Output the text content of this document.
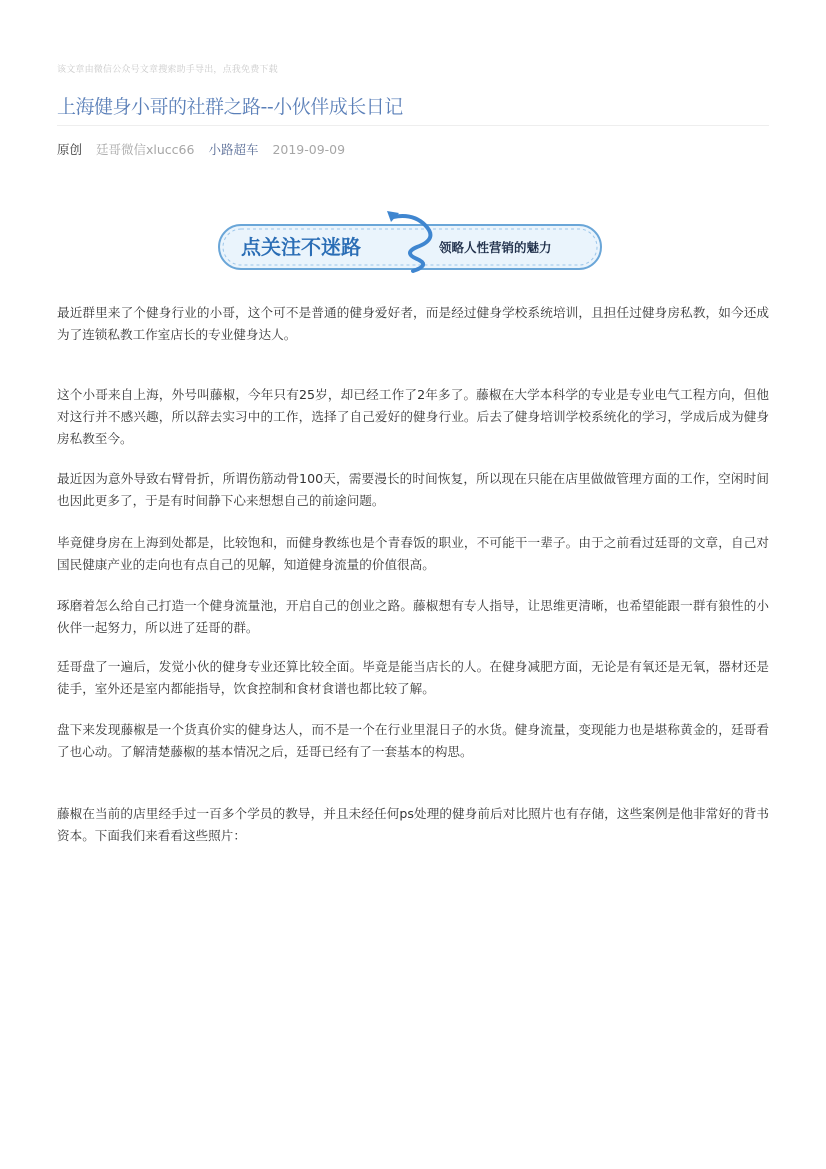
该文章由微信公众号文章搜索助手导出，点我免费下载
上海健身小哥的社群之路--小伙伴成长日记
原创 廷哥微信xlucc66 小路超车 2019-09-09
点关注不迷路	领略人性营销的魅力

最近群里来了个健身行业的小哥，这个可不是普通的健身爱好者，而是经过健身学校系统培训，且担任过健身房私教，如今还成为了连锁私教工作室店长的专业健身达人。

这个小哥来自上海，外号叫藤椒，今年只有25岁，却已经工作了2年多了。藤椒在大学本科学的专业是专业电气工程方向，但他对这行并不感兴趣，所以辞去实习中的工作，选择了自己爱好的健身行业。后去了健身培训学校系统化的学习，学成后成为健身房私教至今。

最近因为意外导致右臂骨折，所谓伤筋动骨100天，需要漫长的时间恢复，所以现在只能在店里做做管理方面的工作，空闲时间也因此更多了，于是有时间静下心来想想自己的前途问题。

毕竟健身房在上海到处都是，比较饱和，而健身教练也是个青春饭的职业，不可能干一辈子。由于之前看过廷哥的文章，自己对国民健康产业的走向也有点自己的见解，知道健身流量的价值很高。

琢磨着怎么给自己打造一个健身流量池，开启自己的创业之路。藤椒想有专人指导，让思维更清晰，也希望能跟一群有狼性的小伙伴一起努力，所以进了廷哥的群。

廷哥盘了一遍后，发觉小伙的健身专业还算比较全面。毕竟是能当店长的人。在健身减肥方面，无论是有氧还是无氧，器材还是徒手，室外还是室内都能指导，饮食控制和食材食谱也都比较了解。

盘下来发现藤椒是一个货真价实的健身达人，而不是一个在行业里混日子的水货。健身流量，变现能力也是堪称黄金的，廷哥看了也心动。了解清楚藤椒的基本情况之后，廷哥已经有了一套基本的构思。

藤椒在当前的店里经手过一百多个学员的教导，并且未经任何ps处理的健身前后对比照片也有存储，这些案例是他非常好的背书资本。下面我们来看看这些照片：
